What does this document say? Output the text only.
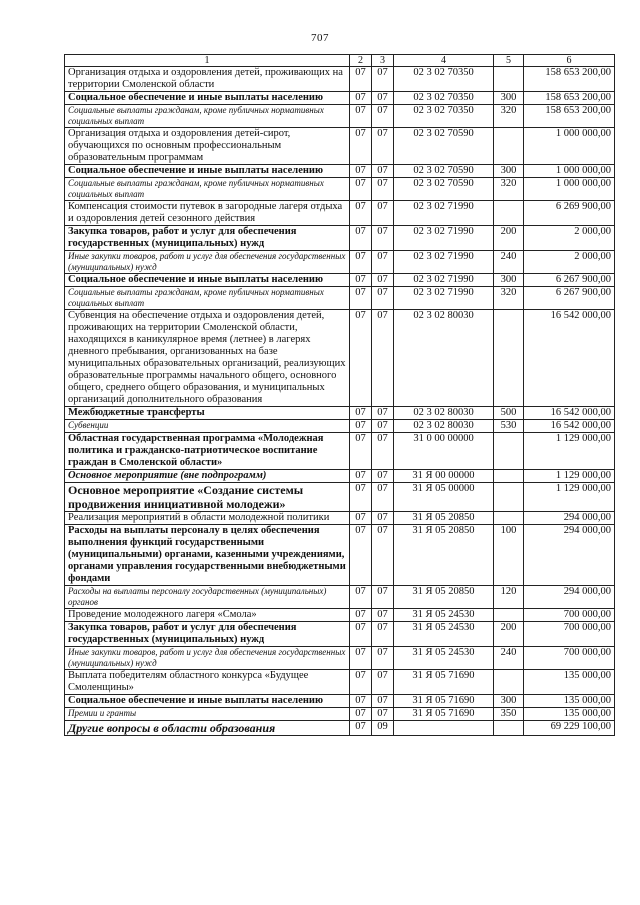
707
1	2	3	4	5	6
Организация отдыха и оздоровления детей, проживающих на территории Смоленской области	07	07	02 3 02 70350		158 653 200,00
Социальное обеспечение и иные выплаты населению	07	07	02 3 02 70350	300	158 653 200,00
Социальные выплаты гражданам, кроме публичных нормативных социальных выплат	07	07	02 3 02 70350	320	158 653 200,00
Организация отдыха и оздоровления детей-сирот, обучающихся по основным профессиональным образовательным программам	07	07	02 3 02 70590		1 000 000,00
Социальное обеспечение и иные выплаты населению	07	07	02 3 02 70590	300	1 000 000,00
Социальные выплаты гражданам, кроме публичных нормативных социальных выплат	07	07	02 3 02 70590	320	1 000 000,00
Компенсация стоимости путевок в загородные лагеря отдыха и оздоровления детей сезонного действия	07	07	02 3 02 71990		6 269 900,00
Закупка товаров, работ и услуг для обеспечения государственных (муниципальных) нужд	07	07	02 3 02 71990	200	2 000,00
Иные закупки товаров, работ и услуг для обеспечения государственных (муниципальных) нужд	07	07	02 3 02 71990	240	2 000,00
Социальное обеспечение и иные выплаты населению	07	07	02 3 02 71990	300	6 267 900,00
Социальные выплаты гражданам, кроме публичных нормативных социальных выплат	07	07	02 3 02 71990	320	6 267 900,00
Субвенция на обеспечение отдыха и оздоровления детей, проживающих на территории Смоленской области, находящихся в каникулярное время (летнее) в лагерях дневного пребывания, организованных на базе муниципальных образовательных организаций, реализующих образовательные программы начального общего, основного общего, среднего общего образования, и муниципальных организаций дополнительного образования	07	07	02 3 02 80030		16 542 000,00
Межбюджетные трансферты	07	07	02 3 02 80030	500	16 542 000,00
Субвенции	07	07	02 3 02 80030	530	16 542 000,00
Областная государственная программа «Молодежная политика и гражданско-патриотическое воспитание граждан в Смоленской области»	07	07	31 0 00 00000		1 129 000,00
Основное мероприятие (вне подпрограмм)	07	07	31 Я 00 00000		1 129 000,00
Основное мероприятие «Создание системы продвижения инициативной молодежи»	07	07	31 Я 05 00000		1 129 000,00
Реализация мероприятий в области молодежной политики	07	07	31 Я 05 20850		294 000,00
Расходы на выплаты персоналу в целях обеспечения выполнения функций государственными (муниципальными) органами, казенными учреждениями, органами управления государственными внебюджетными фондами	07	07	31 Я 05 20850	100	294 000,00
Расходы на выплаты персоналу государственных (муниципальных) органов	07	07	31 Я 05 20850	120	294 000,00
Проведение молодежного лагеря «Смола»	07	07	31 Я 05 24530		700 000,00
Закупка товаров, работ и услуг для обеспечения государственных (муниципальных) нужд	07	07	31 Я 05 24530	200	700 000,00
Иные закупки товаров, работ и услуг для обеспечения государственных (муниципальных) нужд	07	07	31 Я 05 24530	240	700 000,00
Выплата победителям областного конкурса «Будущее Смоленщины»	07	07	31 Я 05 71690		135 000,00
Социальное обеспечение и иные выплаты населению	07	07	31 Я 05 71690	300	135 000,00
Премии и гранты	07	07	31 Я 05 71690	350	135 000,00
Другие вопросы в области образования	07	09			69 229 100,00
